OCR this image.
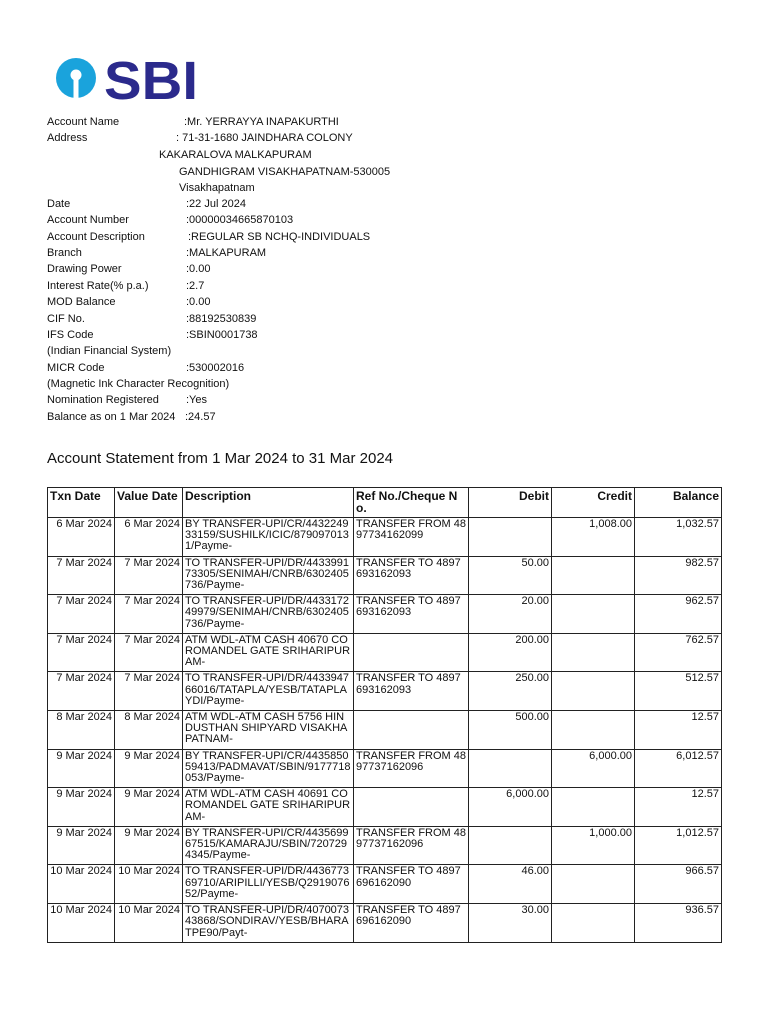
SBI
Account Name	:Mr. YERRAYYA INAPAKURTHI
Address	: 71-31-1680 JAINDHARA COLONY
KAKARALOVA MALKAPURAM
GANDHIGRAM VISAKHAPATNAM-530005
Visakhapatnam
Date	:22 Jul 2024
Account Number	:00000034665870103
Account Description	:REGULAR SB NCHQ-INDIVIDUALS
Branch	:MALKAPURAM
Drawing Power	:0.00
Interest Rate(% p.a.)	:2.7
MOD Balance	:0.00
CIF No.	:88192530839
IFS Code	:SBIN0001738
(Indian Financial System)
MICR Code	:530002016
(Magnetic Ink Character Recognition)
Nomination Registered :Yes
Balance as on 1 Mar 2024 :24.57
Account Statement from 1 Mar 2024 to 31 Mar 2024
Txn Date	Value Date	Description	Ref No./Cheque No.	Debit	Credit	Balance
6 Mar 2024	6 Mar 2024	BY TRANSFER-UPI/CR/443224933159/SUSHILK/ICIC/8790970131/Payme-	TRANSFER FROM 4897734162099		1,008.00	1,032.57
7 Mar 2024	7 Mar 2024	TO TRANSFER-UPI/DR/443399173305/SENIMAH/CNRB/6302405736/Payme-	TRANSFER TO 4897693162093	50.00		982.57
7 Mar 2024	7 Mar 2024	TO TRANSFER-UPI/DR/443317249979/SENIMAH/CNRB/6302405736/Payme-	TRANSFER TO 4897693162093	20.00		962.57
7 Mar 2024	7 Mar 2024	ATM WDL-ATM CASH 40670 COROMANDEL GATE SRIHARIPURAM-		200.00		762.57
7 Mar 2024	7 Mar 2024	TO TRANSFER-UPI/DR/443394766016/TATAPLA/YESB/TATAPLAYDI/Payme-	TRANSFER TO 4897693162093	250.00		512.57
8 Mar 2024	8 Mar 2024	ATM WDL-ATM CASH 5756 HINDUSTHAN SHIPYARD VISAKHAPATNAM-		500.00		12.57
9 Mar 2024	9 Mar 2024	BY TRANSFER-UPI/CR/443585059413/PADMAVAT/SBIN/9177718053/Payme-	TRANSFER FROM 4897737162096		6,000.00	6,012.57
9 Mar 2024	9 Mar 2024	ATM WDL-ATM CASH 40691 COROMANDEL GATE SRIHARIPURAM-		6,000.00		12.57
9 Mar 2024	9 Mar 2024	BY TRANSFER-UPI/CR/443569967515/KAMARAJU/SBIN/7207294345/Payme-	TRANSFER FROM 4897737162096		1,000.00	1,012.57
10 Mar 2024	10 Mar 2024	TO TRANSFER-UPI/DR/443677369710/ARIPILLI/YESB/Q291907652/Payme-	TRANSFER TO 4897696162090	46.00		966.57
10 Mar 2024	10 Mar 2024	TO TRANSFER-UPI/DR/407007343868/SONDIRAV/YESB/BHARATPE90/Payt-	TRANSFER TO 4897696162090	30.00		936.57
